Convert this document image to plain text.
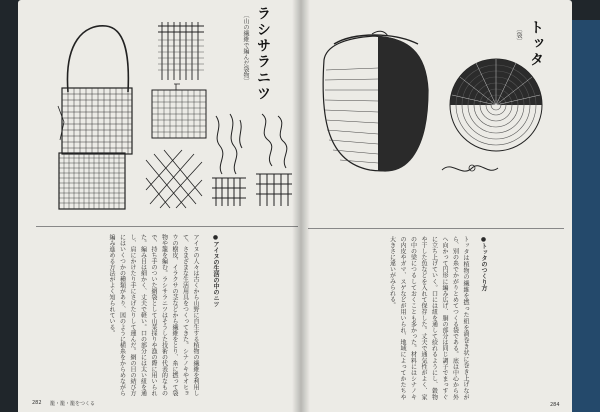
ラシサラニツ
〔山の繊維で編んだ袋物〕
アイヌの人々は古くから山野に自生する植物の繊維を利用して、さまざまな生活用具をつくってきた。シナノキやオヒョウの樹皮、イラクサの茎などから繊維をとり、糸に撚って袋物や籠を編む。ラシサラニツはそうした技術の代表的なもので、持ち手のついた網袋として山菜採りや漁の際に用いられた。編み目は細かく、丈夫で軽い。口の部分には太い紐を通し、肩にかけたり手にさげたりして運んだ。網の目の結び方にはいくつかの種類があり、図のように横糸をからめながら編み進める方法がよく知られている。	●アイヌの生活の中のニツ
282 籠・籠・籠をつくる
トッタ
〔袋〕
トッタは植物の繊維を撚った紐を渦巻き状に巻き上げながら、別の糸でかがりとめてつくる袋である。底は中心から外へ向かって円形に編み広げ、胴の部分は同じ調子でまっすぐに立ち上げていく。口には紐を通して絞れるようにし、穀物や干した魚などを入れて保存した。丈夫で通気性がよく、家の中の梁につるしておくことも多かった。材料にはシナノキの内皮やガマ、スゲなどが用いられ、地域によってかたちや大きさに違いがみられる。	●トッタのつくり方
284
